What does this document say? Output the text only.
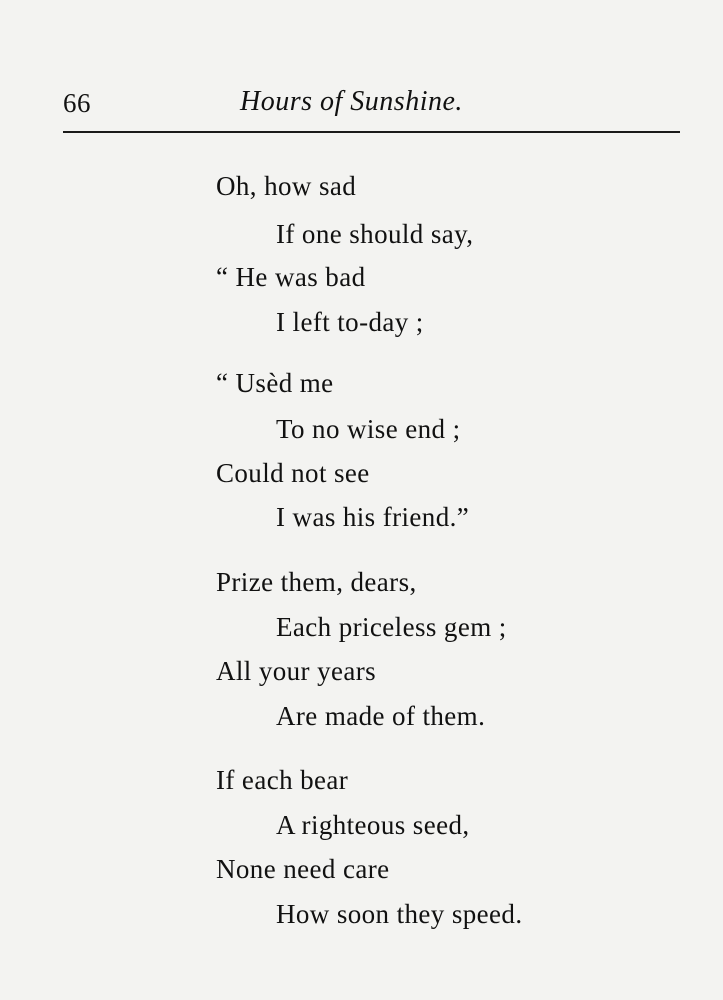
66	Hours of Sunshine.
Oh, how sad
If one should say,
“ He was bad
I left to-day ;
“ Usèd me
To no wise end ;
Could not see
I was his friend.”
Prize them, dears,
Each priceless gem ;
All your years
Are made of them.
If each bear
A righteous seed,
None need care
How soon they speed.
